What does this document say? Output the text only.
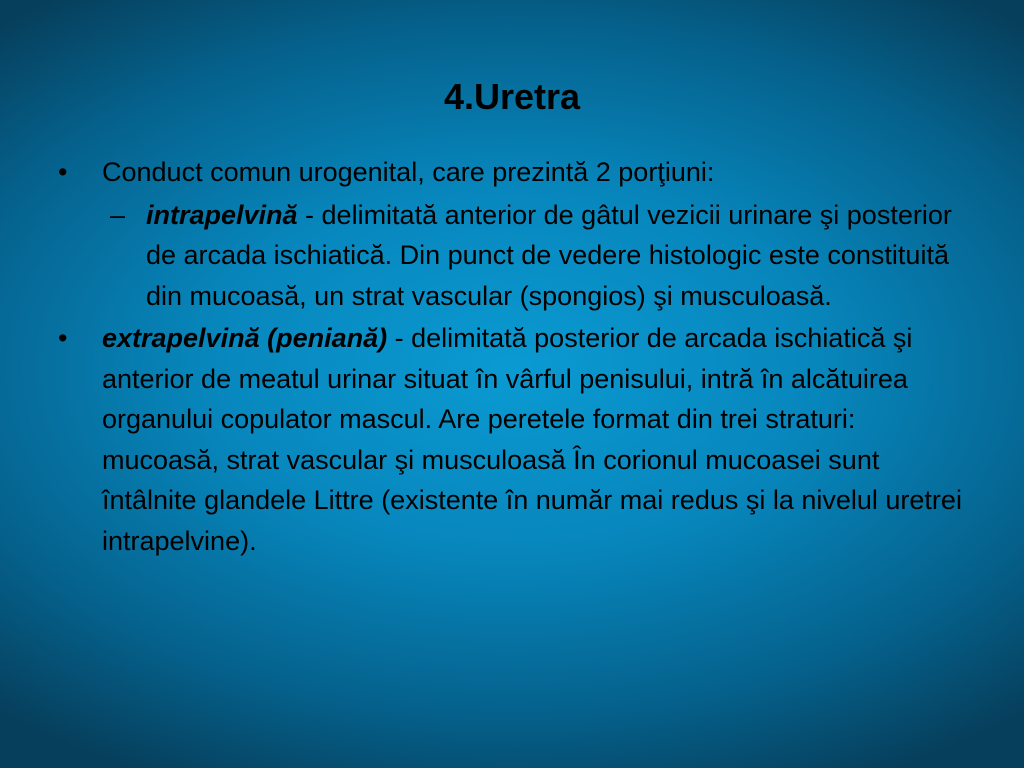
4.Uretra
•	Conduct comun urogenital, care prezintă 2 porţiuni:
– intrapelvină - delimitată anterior de gâtul vezicii urinare şi posterior de arcada ischiatică. Din punct de vedere histologic este constituită din mucoasă, un strat vascular (spongios) şi musculoasă.
•	extrapelvină (peniană) - delimitată posterior de arcada ischiatică şi anterior de meatul urinar situat în vârful penisului, intră în alcătuirea organului copulator mascul. Are peretele format din trei straturi: mucoasă, strat vascular şi musculoasă În corionul mucoasei sunt întâlnite glandele Littre (existente în număr mai redus şi la nivelul uretrei intrapelvine).
